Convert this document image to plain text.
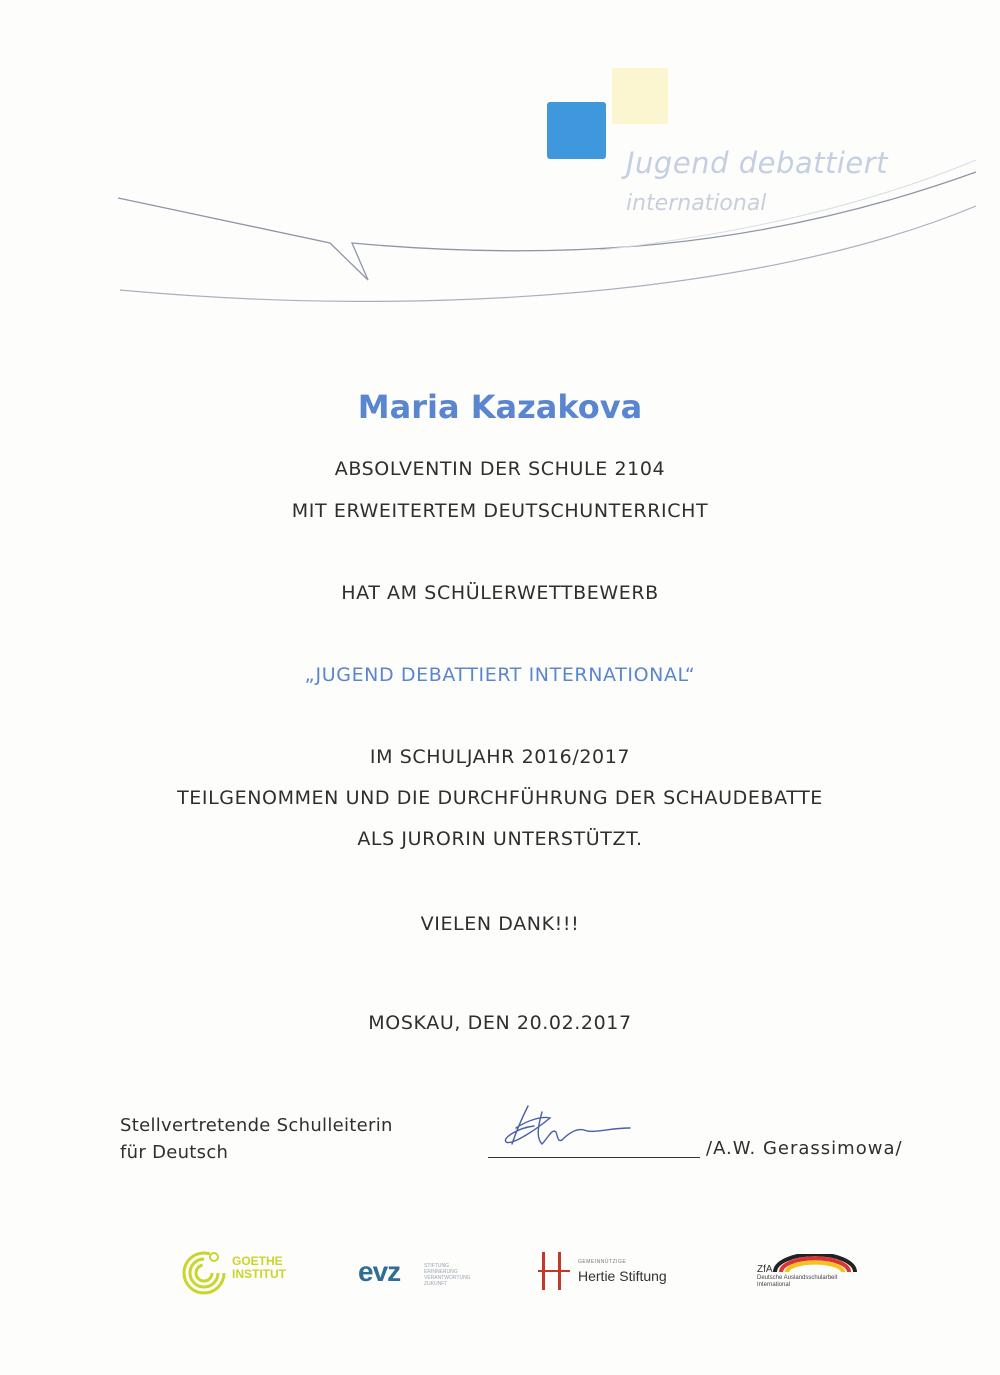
Jugend debattiert
international
Maria Kazakova
ABSOLVENTIN DER SCHULE 2104
MIT ERWEITERTEM DEUTSCHUNTERRICHT
HAT AM SCHÜLERWETTBEWERB
„JUGEND DEBATTIERT INTERNATIONAL“
IM SCHULJAHR 2016/2017
TEILGENOMMEN UND DIE DURCHFÜHRUNG DER SCHAUDEBATTE
ALS JURORIN UNTERSTÜTZT.
VIELEN DANK!!!
MOSKAU, DEN 20.02.2017
Stellvertretende Schulleiterin
für Deutsch	/A.W. Gerassimowa/
GOETHE
INSTITUT	evz	STIFTUNG
ERINNERUNG
VERANTWORTUNG
ZUKUNFT
GEMEINNÜTZIGE
Hertie Stiftung	ZfA
Deutsche Auslandsschularbeit
International
